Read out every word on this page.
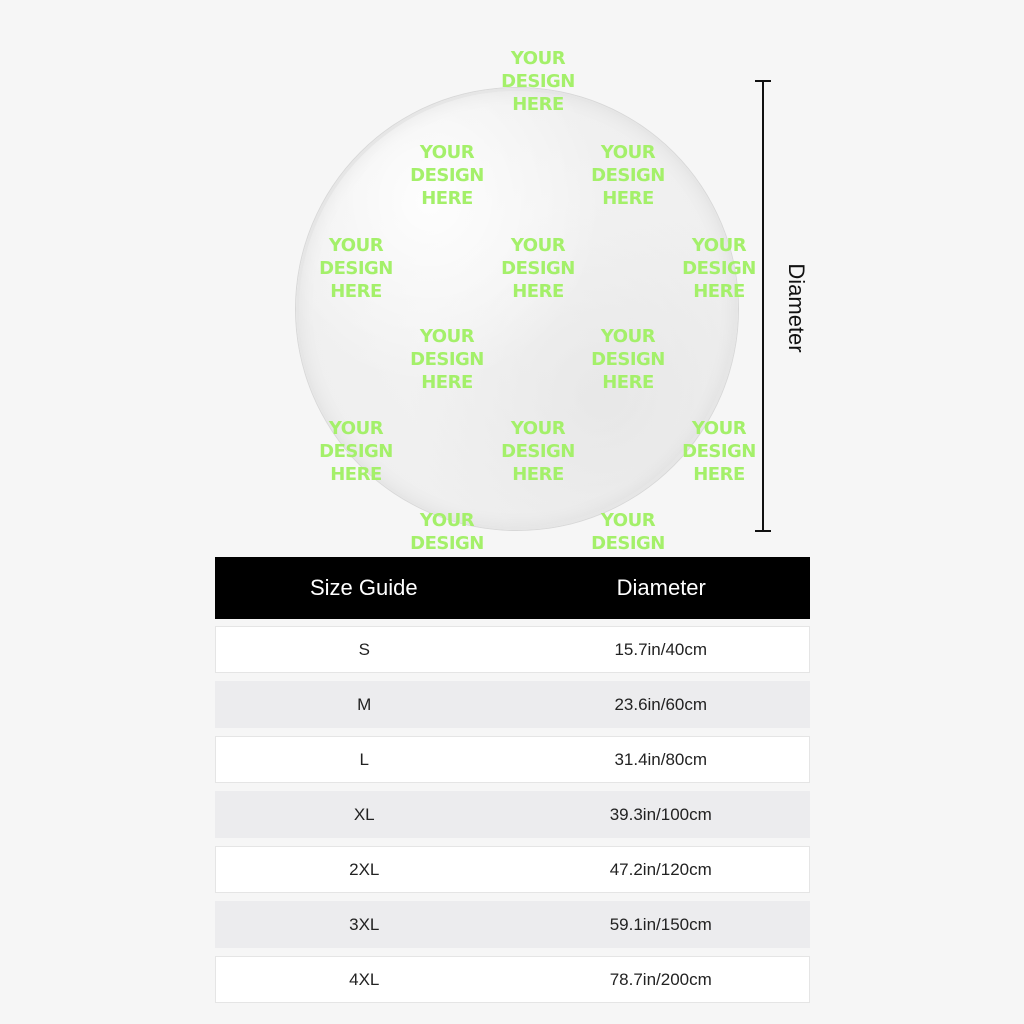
YOUR
DESIGN
HERE
YOUR
DESIGN
HERE
YOUR
DESIGN
HERE
YOUR
DESIGN
HERE
YOUR
DESIGN
HERE
YOUR
DESIGN
HERE
YOUR
DESIGN
HERE
YOUR
DESIGN
HERE
YOUR
DESIGN
HERE
YOUR
DESIGN
HERE
YOUR
DESIGN
HERE
YOUR
DESIGN
YOUR
DESIGN
Diameter
Size Guide	Diameter
S	15.7in/40cm
M	23.6in/60cm
L	31.4in/80cm
XL	39.3in/100cm
2XL	47.2in/120cm
3XL	59.1in/150cm
4XL	78.7in/200cm
